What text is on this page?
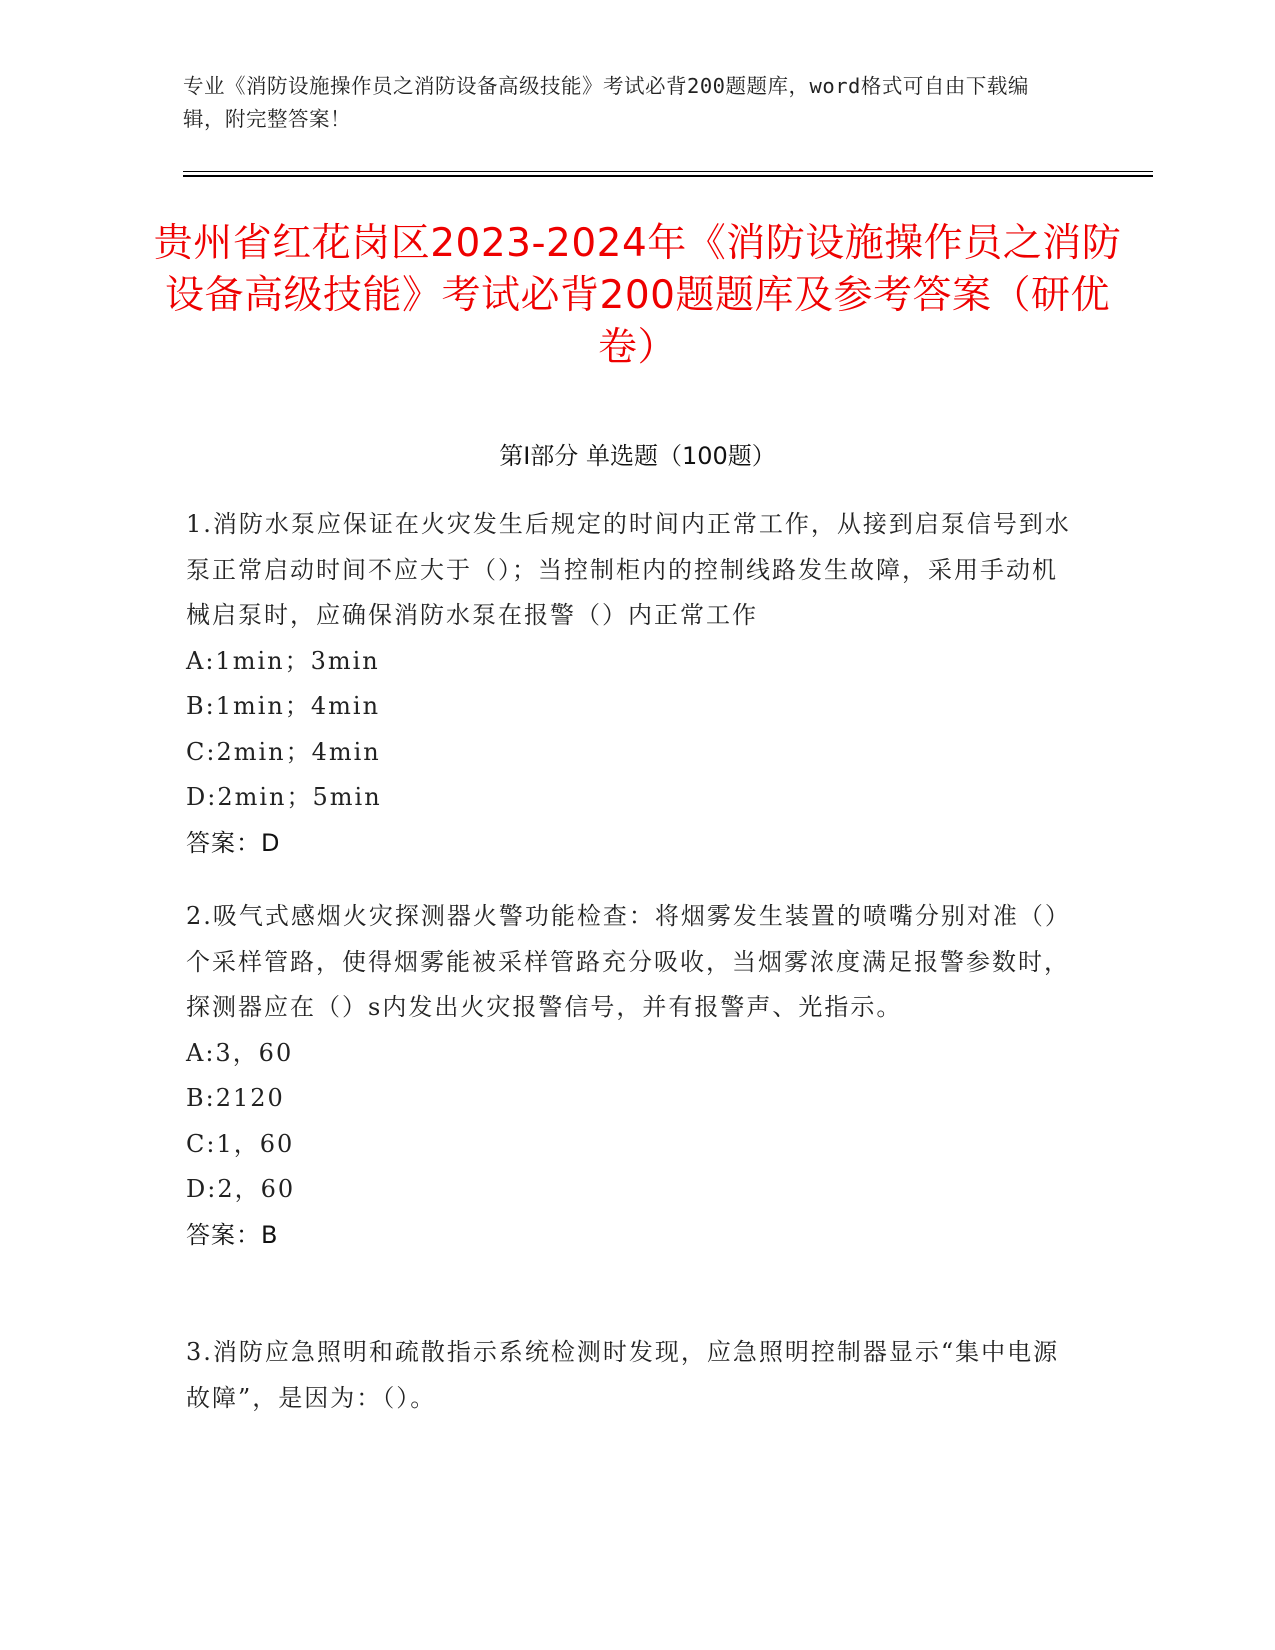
专业《消防设施操作员之消防设备高级技能》考试必背200题题库，word格式可自由下载编辑，附完整答案！
贵州省红花岗区2023-2024年《消防设施操作员之消防设备高级技能》考试必背200题题库及参考答案（研优卷）
第I部分 单选题（100题）
1.消防水泵应保证在火灾发生后规定的时间内正常工作，从接到启泵信号到水泵正常启动时间不应大于（）；当控制柜内的控制线路发生故障，采用手动机械启泵时，应确保消防水泵在报警（）内正常工作
A:1min；3min
B:1min；4min
C:2min；4min
D:2min；5min
答案：D
2.吸气式感烟火灾探测器火警功能检查：将烟雾发生装置的喷嘴分别对准（）个采样管路，使得烟雾能被采样管路充分吸收，当烟雾浓度满足报警参数时，探测器应在（）s内发出火灾报警信号，并有报警声、光指示。
A:3，60
B:2120
C:1，60
D:2，60
答案：B
3.消防应急照明和疏散指示系统检测时发现，应急照明控制器显示“集中电源故障”，是因为：（）。
